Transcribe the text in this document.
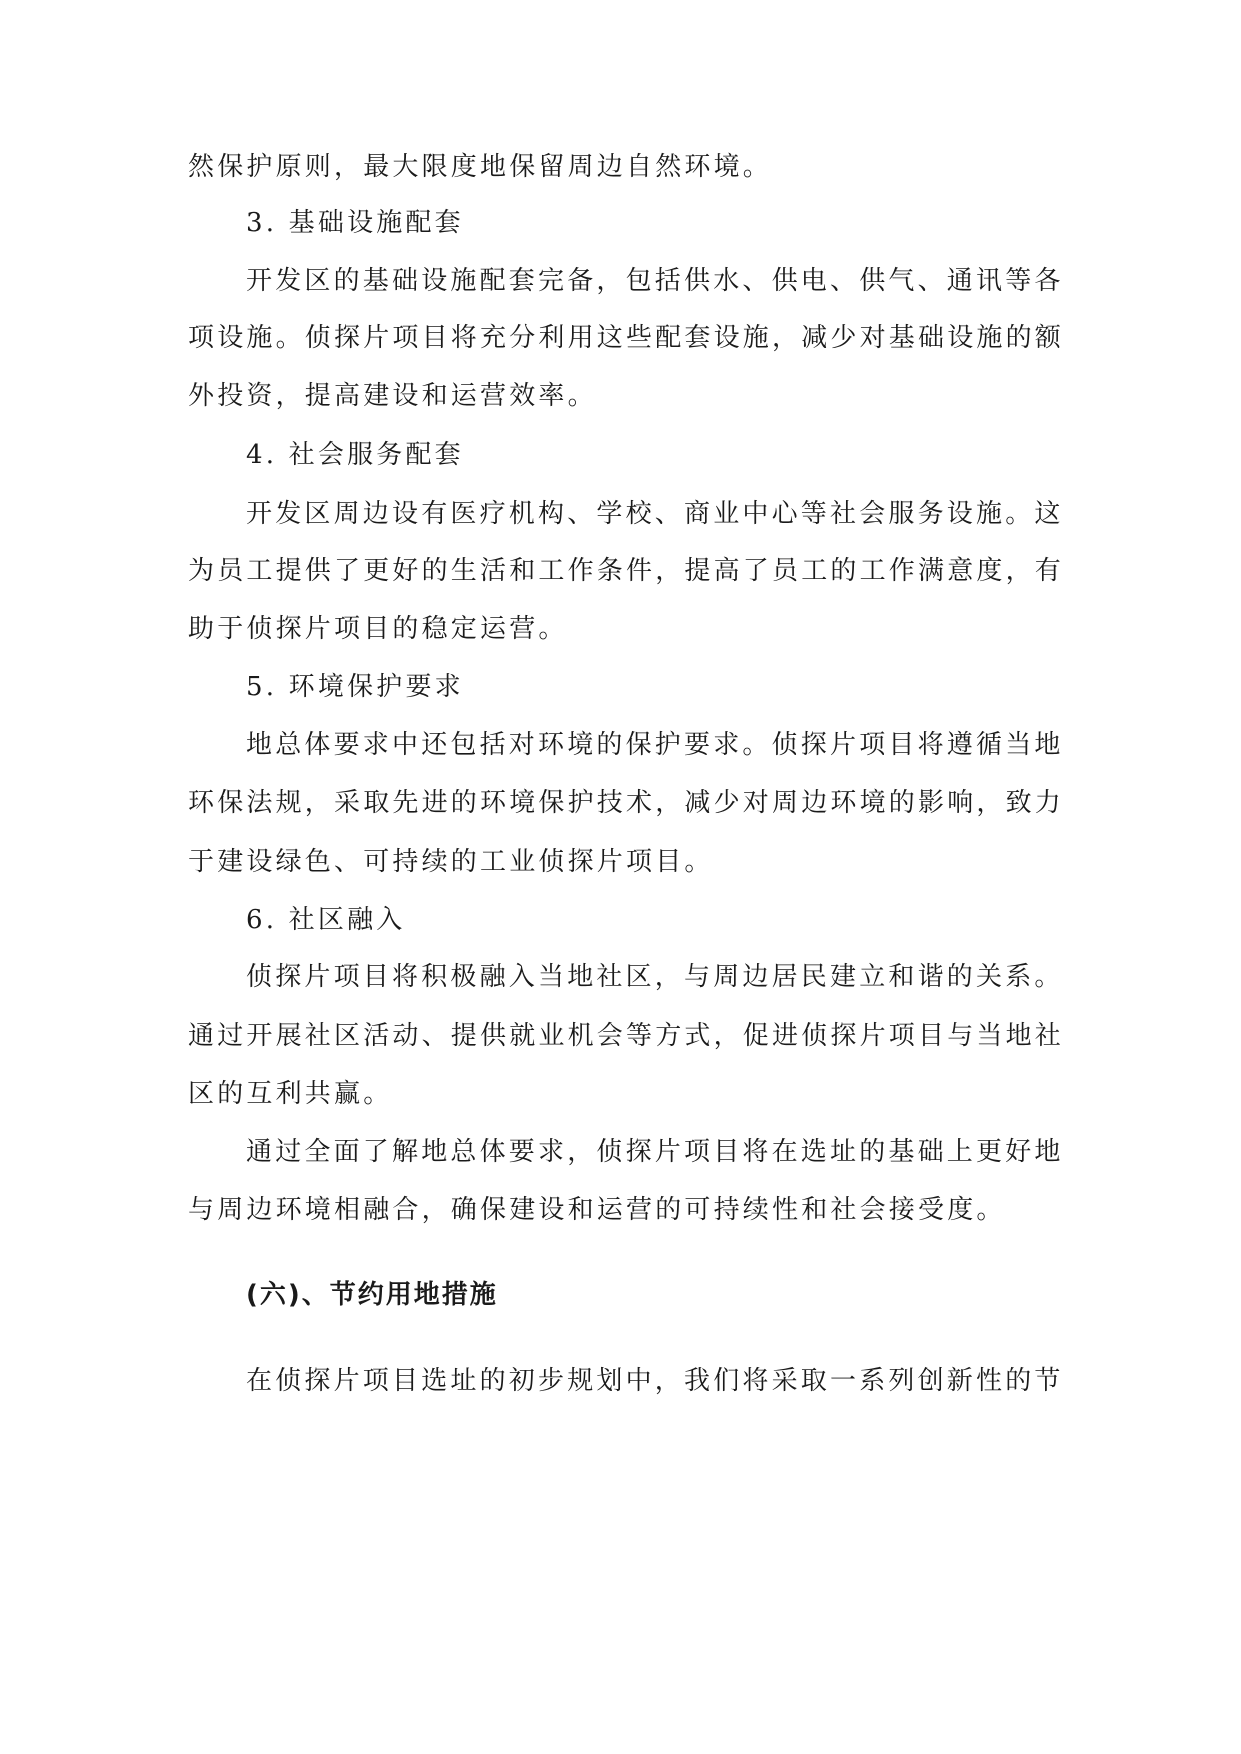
然保护原则，最大限度地保留周边自然环境。
3. 基础设施配套
开发区的基础设施配套完备，包括供水、供电、供气、通讯等各
项设施。侦探片项目将充分利用这些配套设施，减少对基础设施的额
外投资，提高建设和运营效率。
4. 社会服务配套
开发区周边设有医疗机构、学校、商业中心等社会服务设施。这
为员工提供了更好的生活和工作条件，提高了员工的工作满意度，有
助于侦探片项目的稳定运营。
5. 环境保护要求
地总体要求中还包括对环境的保护要求。侦探片项目将遵循当地
环保法规，采取先进的环境保护技术，减少对周边环境的影响，致力
于建设绿色、可持续的工业侦探片项目。
6. 社区融入
侦探片项目将积极融入当地社区，与周边居民建立和谐的关系。
通过开展社区活动、提供就业机会等方式，促进侦探片项目与当地社
区的互利共赢。
通过全面了解地总体要求，侦探片项目将在选址的基础上更好地
与周边环境相融合，确保建设和运营的可持续性和社会接受度。
(六)、节约用地措施
在侦探片项目选址的初步规划中，我们将采取一系列创新性的节
